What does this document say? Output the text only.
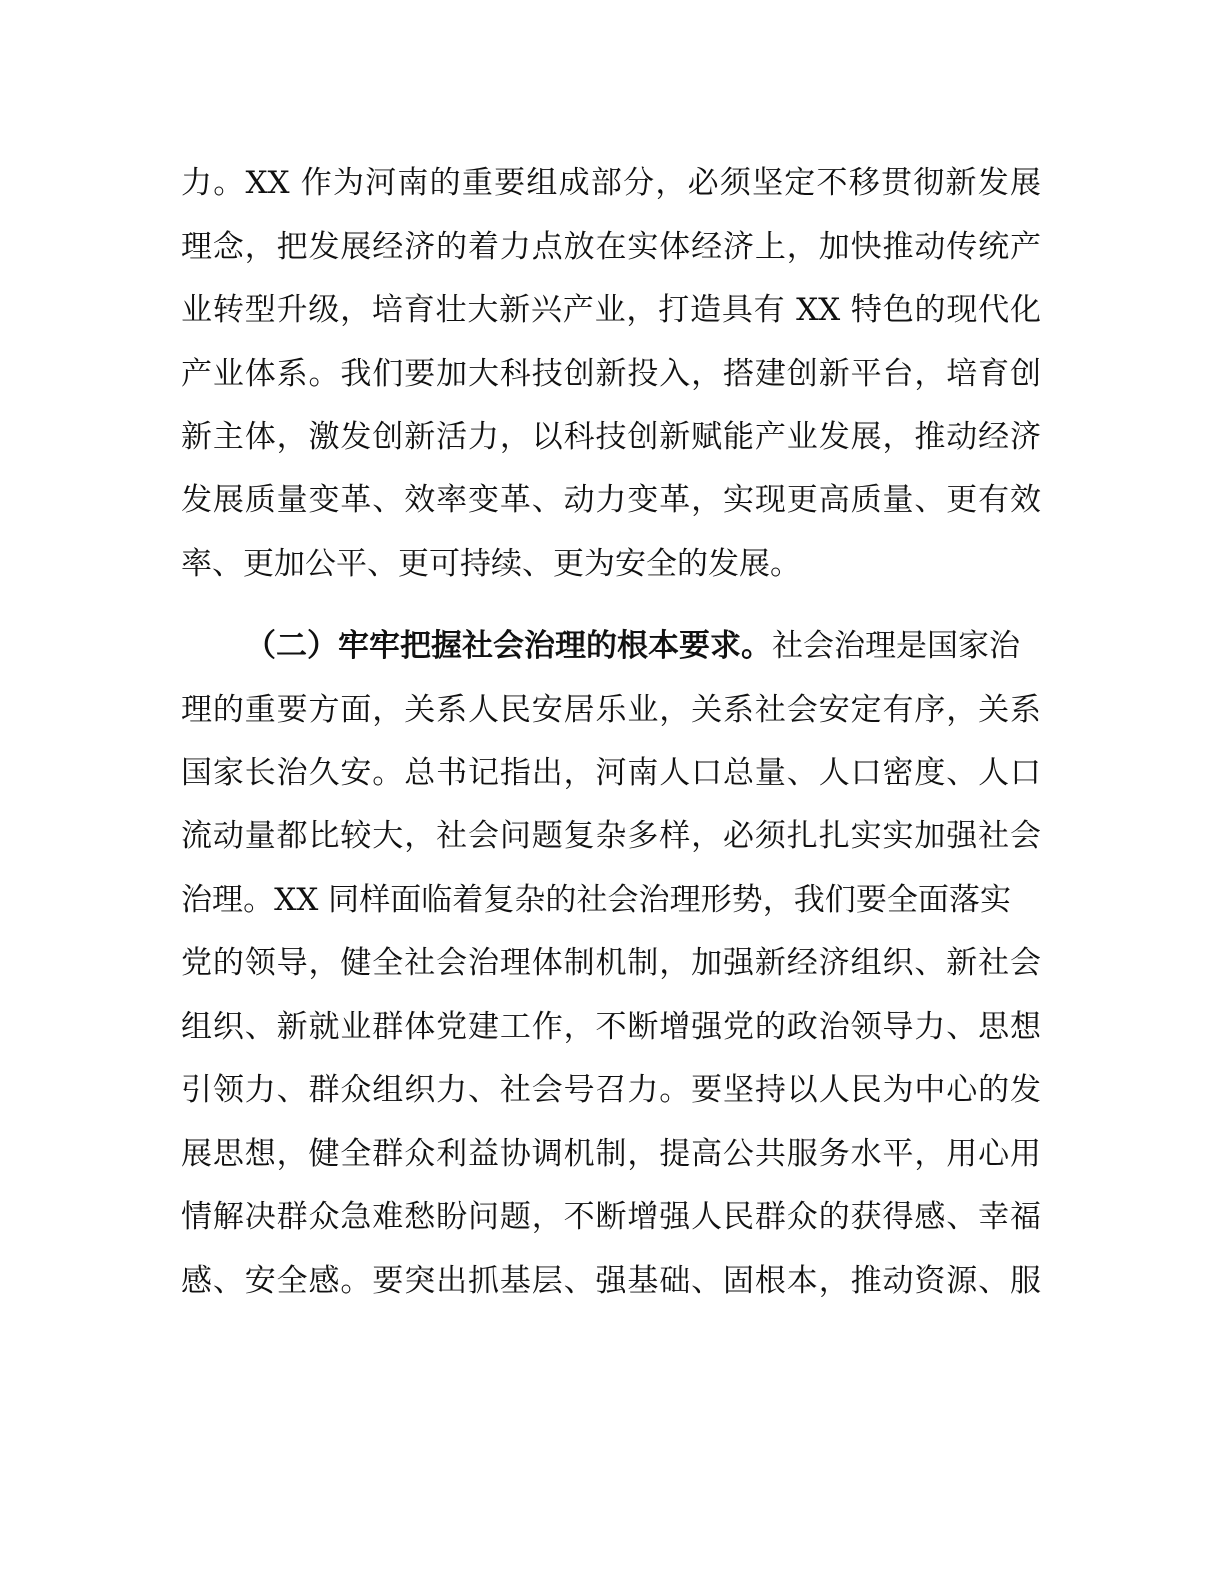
力。XX 作为河南的重要组成部分，必须坚定不移贯彻新发展
理念，把发展经济的着力点放在实体经济上，加快推动传统产
业转型升级，培育壮大新兴产业，打造具有 XX 特色的现代化
产业体系。我们要加大科技创新投入，搭建创新平台，培育创
新主体，激发创新活力，以科技创新赋能产业发展，推动经济
发展质量变革、效率变革、动力变革，实现更高质量、更有效
率、更加公平、更可持续、更为安全的发展。
（二）牢牢把握社会治理的根本要求。社会治理是国家治
理的重要方面，关系人民安居乐业，关系社会安定有序，关系
国家长治久安。总书记指出，河南人口总量、人口密度、人口
流动量都比较大，社会问题复杂多样，必须扎扎实实加强社会
治理。XX 同样面临着复杂的社会治理形势，我们要全面落实
党的领导，健全社会治理体制机制，加强新经济组织、新社会
组织、新就业群体党建工作，不断增强党的政治领导力、思想
引领力、群众组织力、社会号召力。要坚持以人民为中心的发
展思想，健全群众利益协调机制，提高公共服务水平，用心用
情解决群众急难愁盼问题，不断增强人民群众的获得感、幸福
感、安全感。要突出抓基层、强基础、固根本，推动资源、服
